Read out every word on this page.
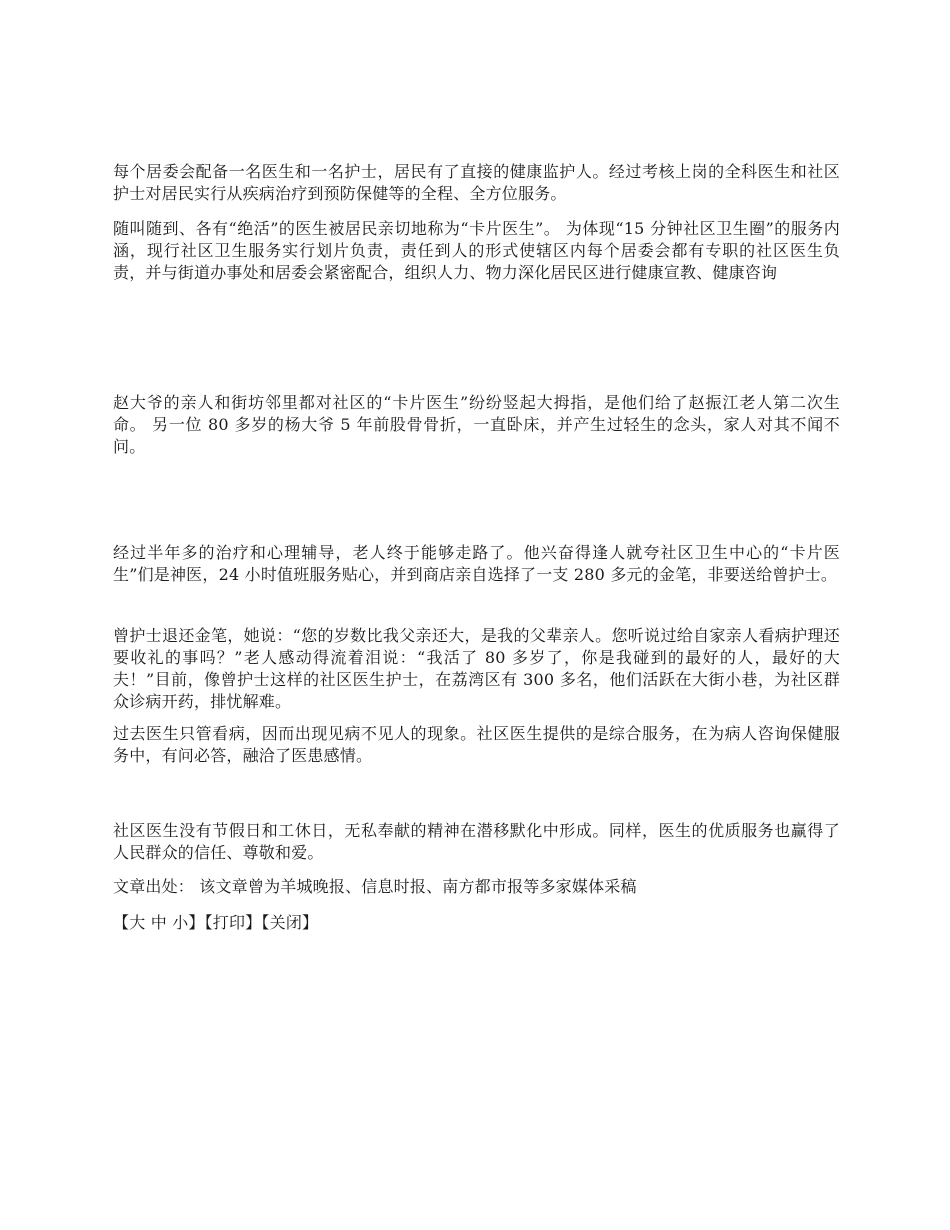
每个居委会配备一名医生和一名护士，居民有了直接的健康监护人。经过考核上岗的全科医生和社区护士对居民实行从疾病治疗到预防保健等的全程、全方位服务。

随叫随到、各有“绝活”的医生被居民亲切地称为“卡片医生”。 为体现“15 分钟社区卫生圈”的服务内涵，现行社区卫生服务实行划片负责，责任到人的形式使辖区内每个居委会都有专职的社区医生负责，并与街道办事处和居委会紧密配合，组织人力、物力深化居民区进行健康宣教、健康咨询

赵大爷的亲人和街坊邻里都对社区的“卡片医生”纷纷竖起大拇指，是他们给了赵振江老人第二次生命。 另一位 80 多岁的杨大爷 5 年前股骨骨折，一直卧床，并产生过轻生的念头，家人对其不闻不问。

经过半年多的治疗和心理辅导，老人终于能够走路了。他兴奋得逢人就夸社区卫生中心的“卡片医生”们是神医，24 小时值班服务贴心，并到商店亲自选择了一支 280 多元的金笔，非要送给曾护士。

曾护士退还金笔，她说：“您的岁数比我父亲还大，是我的父辈亲人。您听说过给自家亲人看病护理还要收礼的事吗？”老人感动得流着泪说：“我活了 80 多岁了，你是我碰到的最好的人，最好的大夫！”目前，像曾护士这样的社区医生护士，在荔湾区有 300 多名，他们活跃在大街小巷，为社区群众诊病开药，排忧解难。

过去医生只管看病，因而出现见病不见人的现象。社区医生提供的是综合服务，在为病人咨询保健服务中，有问必答，融洽了医患感情。

社区医生没有节假日和工休日，无私奉献的精神在潜移默化中形成。同样，医生的优质服务也赢得了人民群众的信任、尊敬和爱。

文章出处： 该文章曾为羊城晚报、信息时报、南方都市报等多家媒体采稿

【大 中 小】【打印】【关闭】
